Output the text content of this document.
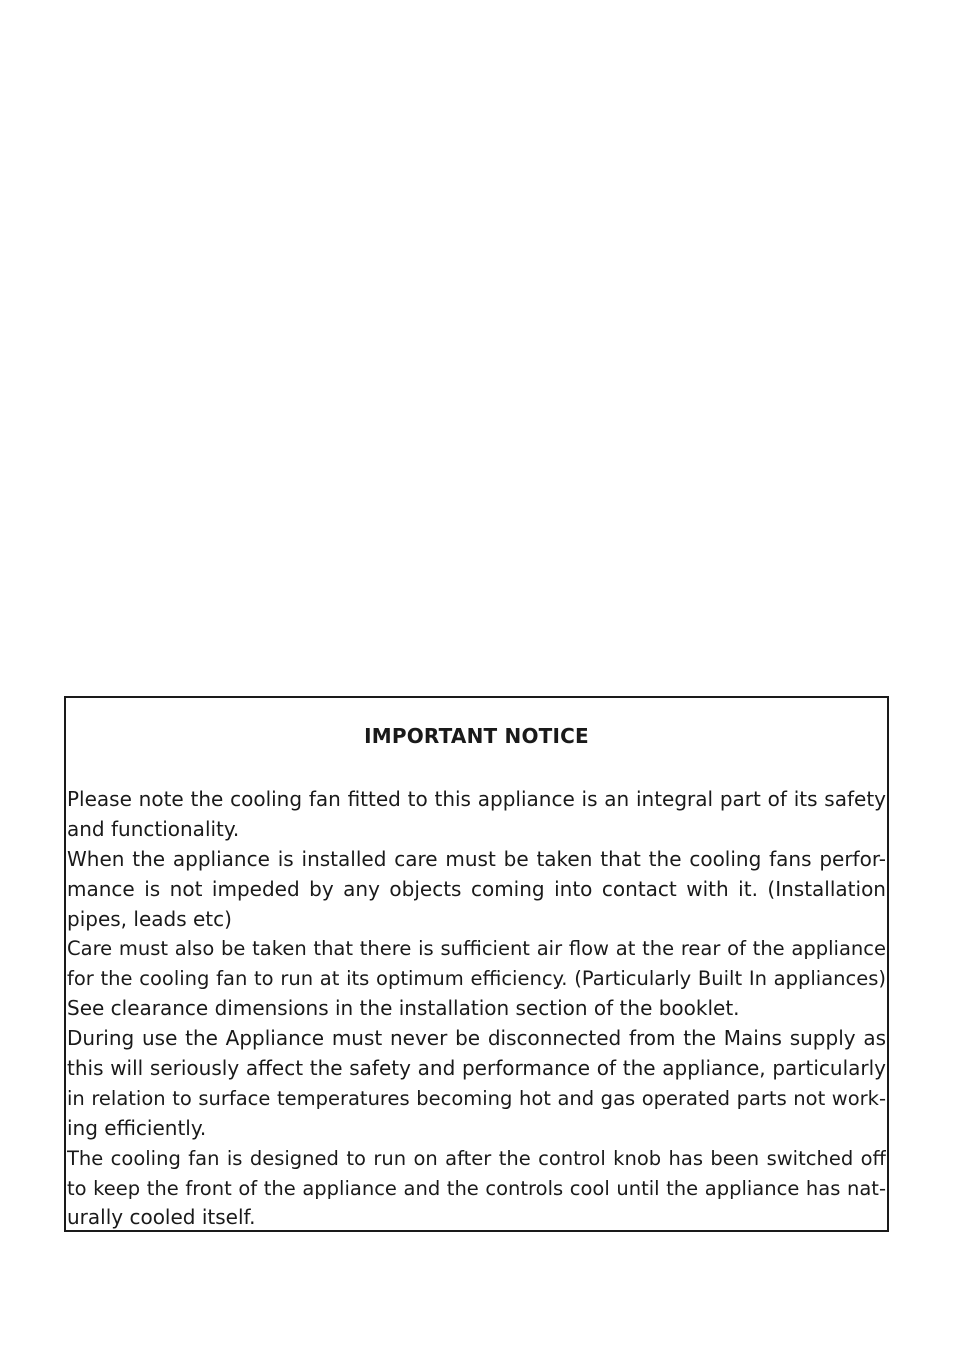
IMPORTANT NOTICE
Please note the cooling fan fitted to this appliance is an integral part of its safety
and functionality.
When the appliance is installed care must be taken that the cooling fans perfor-
mance is not impeded by any objects coming into contact with it. (Installation
pipes, leads etc)
Care must also be taken that there is sufficient air flow at the rear of the appliance
for the cooling fan to run at its optimum efficiency. (Particularly Built In appliances)
See clearance dimensions in the installation section of the booklet.
During use the Appliance must never be disconnected from the Mains supply as
this will seriously affect the safety and performance of the appliance, particularly
in relation to surface temperatures becoming hot and gas operated parts not work-
ing efficiently.
The cooling fan is designed to run on after the control knob has been switched off
to keep the front of the appliance and the controls cool until the appliance has nat-
urally cooled itself.
